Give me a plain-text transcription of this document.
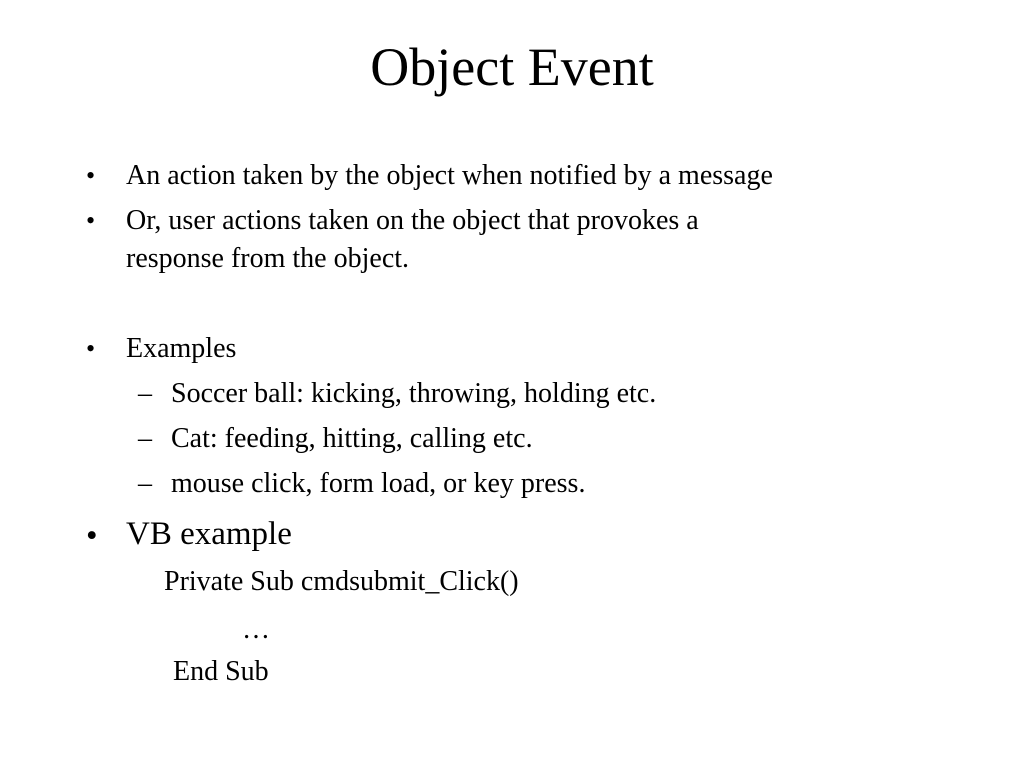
Object Event
• An action taken by the object when notified by a message
• Or, user actions taken on the object that provokes a
response from the object.
• Examples
– Soccer ball: kicking, throwing, holding etc.
– Cat: feeding, hitting, calling etc.
– mouse click, form load, or key press.
• VB example
Private Sub cmdsubmit_Click()
…
End Sub
